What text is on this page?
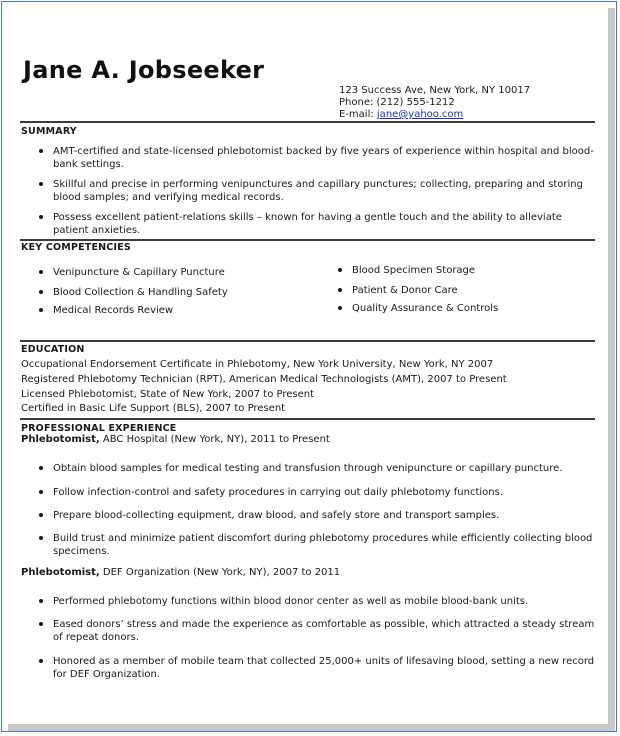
Jane A. Jobseeker
123 Success Ave, New York, NY 10017
Phone: (212) 555-1212
E-mail: jane@yahoo.com
SUMMARY
AMT-certified and state-licensed phlebotomist backed by five years of experience within hospital and blood-bank settings.
Skillful and precise in performing venipunctures and capillary punctures; collecting, preparing and storing blood samples; and verifying medical records.
Possess excellent patient-relations skills – known for having a gentle touch and the ability to alleviate patient anxieties.
KEY COMPETENCIES
Venipuncture & Capillary Puncture
Blood Collection & Handling Safety
Medical Records Review
Blood Specimen Storage
Patient & Donor Care
Quality Assurance & Controls
EDUCATION
Occupational Endorsement Certificate in Phlebotomy, New York University, New York, NY 2007
Registered Phlebotomy Technician (RPT), American Medical Technologists (AMT), 2007 to Present
Licensed Phlebotomist, State of New York, 2007 to Present
Certified in Basic Life Support (BLS), 2007 to Present
PROFESSIONAL EXPERIENCE
Phlebotomist, ABC Hospital (New York, NY), 2011 to Present
Obtain blood samples for medical testing and transfusion through venipuncture or capillary puncture.
Follow infection-control and safety procedures in carrying out daily phlebotomy functions.
Prepare blood-collecting equipment, draw blood, and safely store and transport samples.
Build trust and minimize patient discomfort during phlebotomy procedures while efficiently collecting blood specimens.
Phlebotomist, DEF Organization (New York, NY), 2007 to 2011
Performed phlebotomy functions within blood donor center as well as mobile blood-bank units.
Eased donors’ stress and made the experience as comfortable as possible, which attracted a steady stream of repeat donors.
Honored as a member of mobile team that collected 25,000+ units of lifesaving blood, setting a new record for DEF Organization.
